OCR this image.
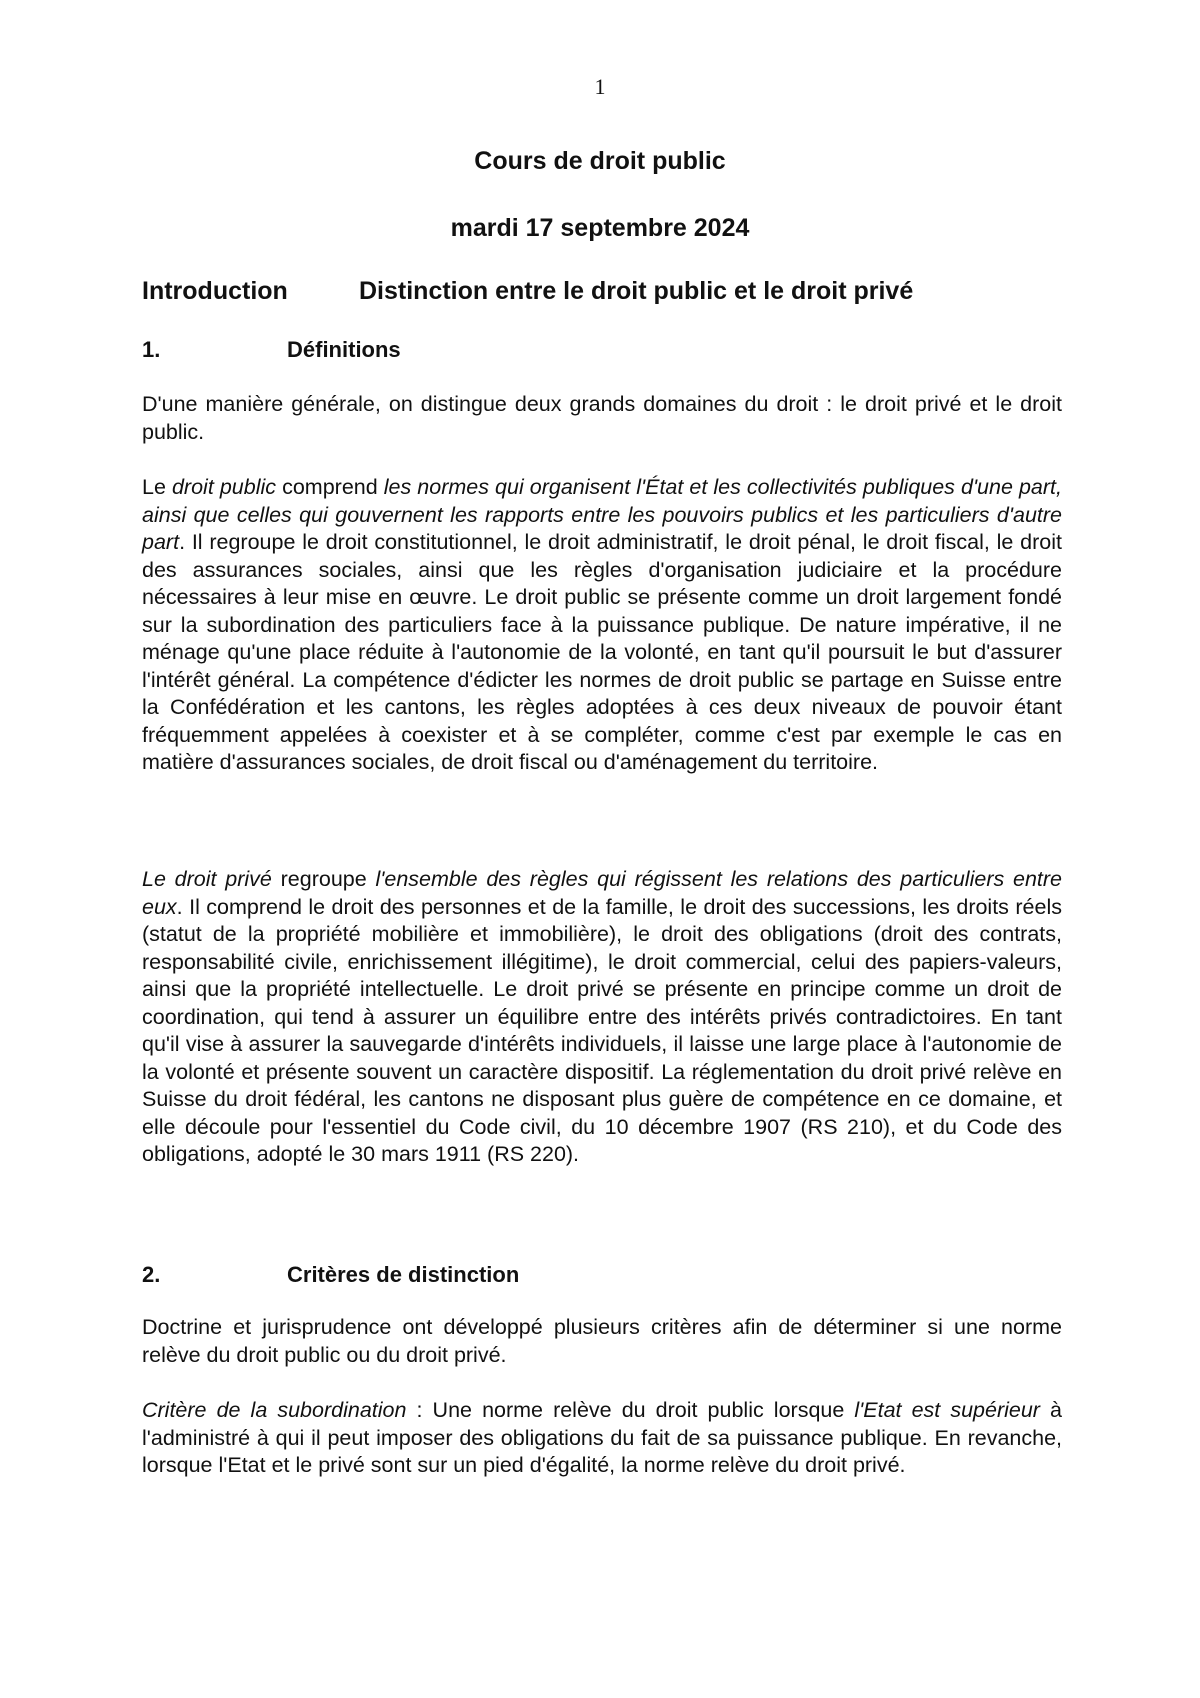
1
Cours de droit public
mardi 17 septembre 2024
Introduction	Distinction entre le droit public et le droit privé
1.	Définitions

D'une manière générale, on distingue deux grands domaines du droit : le droit privé et le droit public.

Le droit public comprend les normes qui organisent l'État et les collectivités publiques d'une part, ainsi que celles qui gouvernent les rapports entre les pouvoirs publics et les particuliers d'autre part. Il regroupe le droit constitutionnel, le droit administratif, le droit pénal, le droit fiscal, le droit des assurances sociales, ainsi que les règles d'organisation judiciaire et la procédure nécessaires à leur mise en œuvre. Le droit public se présente comme un droit largement fondé sur la subordination des particuliers face à la puissance publique. De nature impérative, il ne ménage qu'une place réduite à l'autonomie de la volonté, en tant qu'il poursuit le but d'assurer l'intérêt général. La compétence d'édicter les normes de droit public se partage en Suisse entre la Confédération et les cantons, les règles adoptées à ces deux niveaux de pouvoir étant fréquemment appelées à coexister et à se compléter, comme c'est par exemple le cas en matière d'assurances sociales, de droit fiscal ou d'aménagement du territoire.

Le droit privé regroupe l'ensemble des règles qui régissent les relations des particuliers entre eux. Il comprend le droit des personnes et de la famille, le droit des successions, les droits réels (statut de la propriété mobilière et immobilière), le droit des obligations (droit des contrats, responsabilité civile, enrichissement illégitime), le droit commercial, celui des papiers-valeurs, ainsi que la propriété intellectuelle. Le droit privé se présente en principe comme un droit de coordination, qui tend à assurer un équilibre entre des intérêts privés contradictoires. En tant qu'il vise à assurer la sauvegarde d'intérêts individuels, il laisse une large place à l'autonomie de la volonté et présente souvent un caractère dispositif. La réglementation du droit privé relève en Suisse du droit fédéral, les cantons ne disposant plus guère de compétence en ce domaine, et elle découle pour l'essentiel du Code civil, du 10 décembre 1907 (RS 210), et du Code des obligations, adopté le 30 mars 1911 (RS 220).

2.	Critères de distinction

Doctrine et jurisprudence ont développé plusieurs critères afin de déterminer si une norme relève du droit public ou du droit privé.

Critère de la subordination : Une norme relève du droit public lorsque l'Etat est supérieur à l'administré à qui il peut imposer des obligations du fait de sa puissance publique. En revanche, lorsque l'Etat et le privé sont sur un pied d'égalité, la norme relève du droit privé.
